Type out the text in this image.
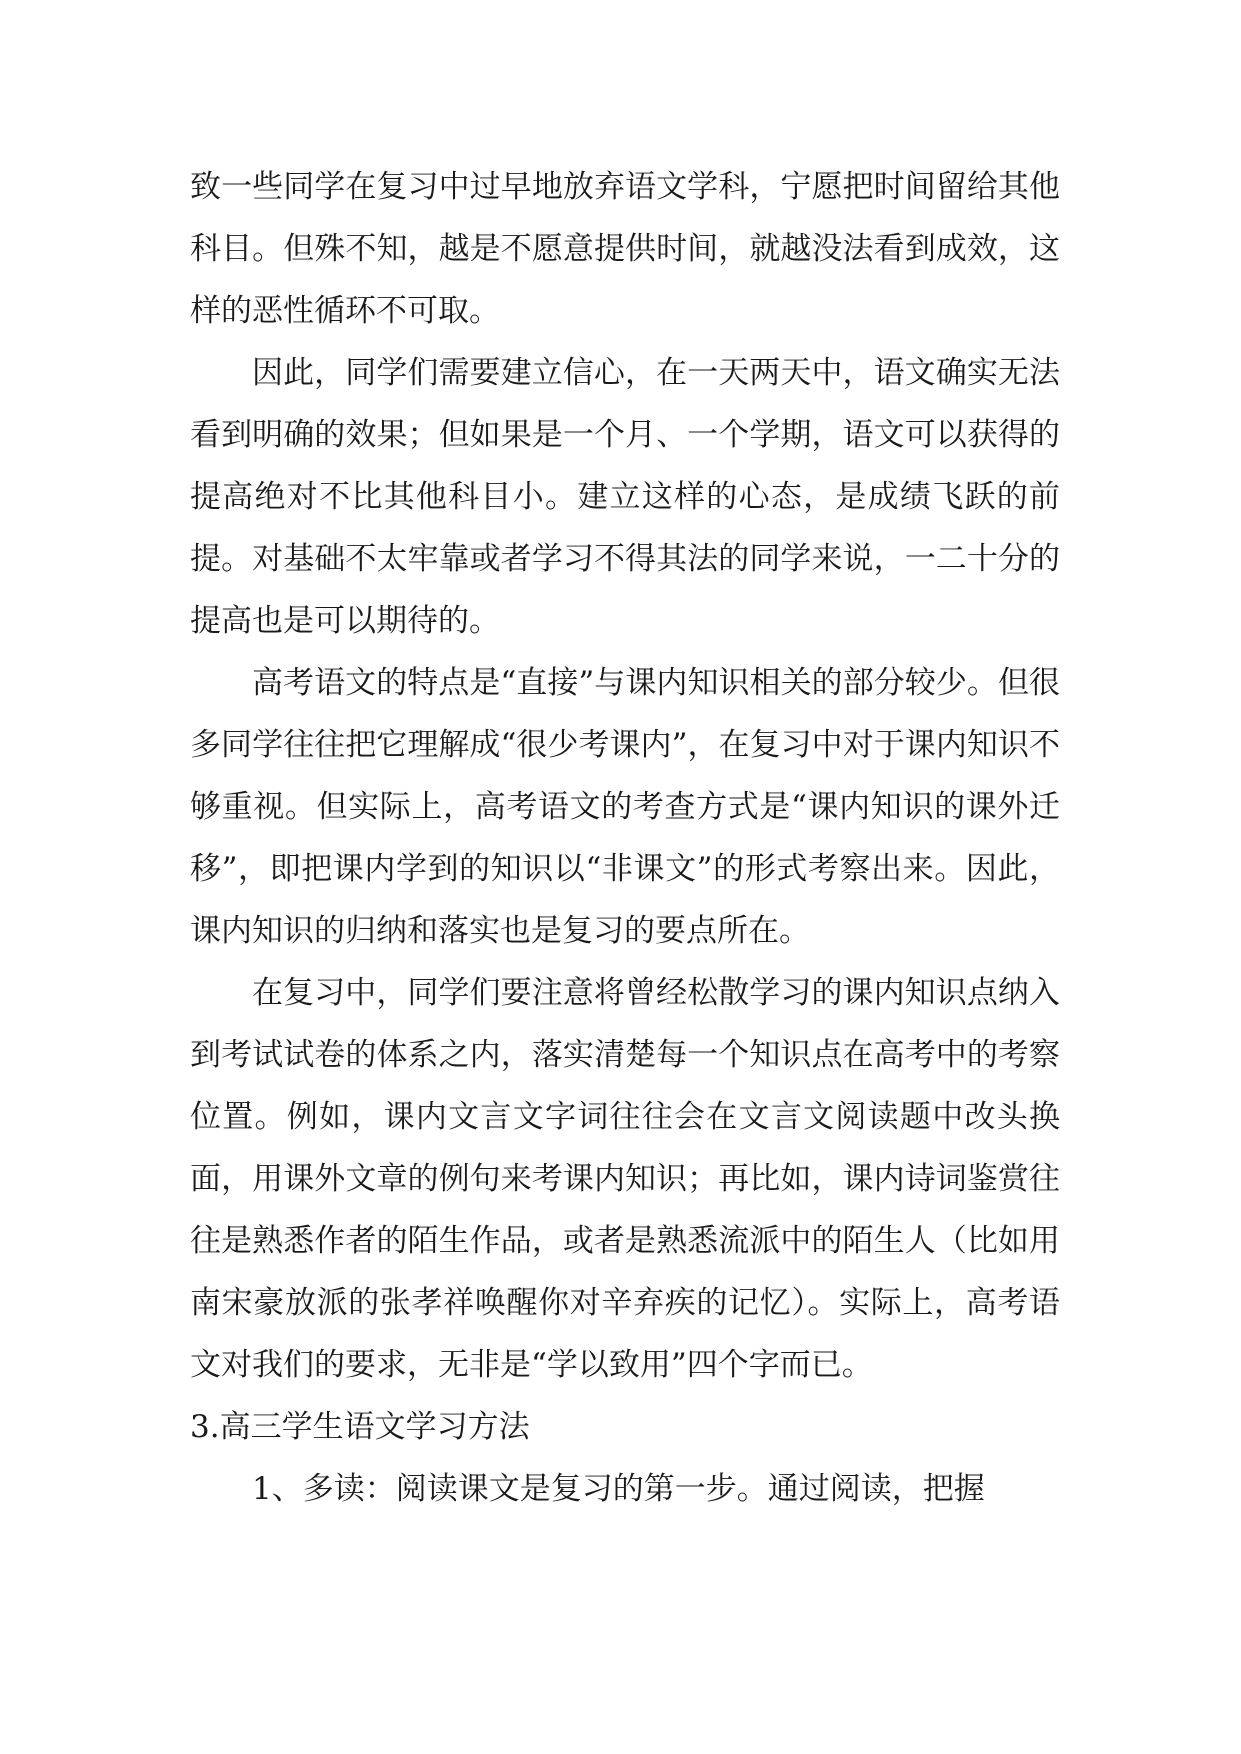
致一些同学在复习中过早地放弃语文学科，宁愿把时间留给其他科目。但殊不知，越是不愿意提供时间，就越没法看到成效，这样的恶性循环不可取。

因此，同学们需要建立信心，在一天两天中，语文确实无法看到明确的效果；但如果是一个月、一个学期，语文可以获得的提高绝对不比其他科目小。建立这样的心态，是成绩飞跃的前提。对基础不太牢靠或者学习不得其法的同学来说，一二十分的提高也是可以期待的。

高考语文的特点是“直接”与课内知识相关的部分较少。但很多同学往往把它理解成“很少考课内”，在复习中对于课内知识不够重视。但实际上，高考语文的考查方式是“课内知识的课外迁移”，即把课内学到的知识以“非课文”的形式考察出来。因此，课内知识的归纳和落实也是复习的要点所在。

在复习中，同学们要注意将曾经松散学习的课内知识点纳入到考试试卷的体系之内，落实清楚每一个知识点在高考中的考察位置。例如，课内文言文字词往往会在文言文阅读题中改头换面，用课外文章的例句来考课内知识；再比如，课内诗词鉴赏往往是熟悉作者的陌生作品，或者是熟悉流派中的陌生人（比如用南宋豪放派的张孝祥唤醒你对辛弃疾的记忆）。实际上，高考语文对我们的要求，无非是“学以致用”四个字而已。

3.高三学生语文学习方法

1、多读：阅读课文是复习的第一步。通过阅读，把握
